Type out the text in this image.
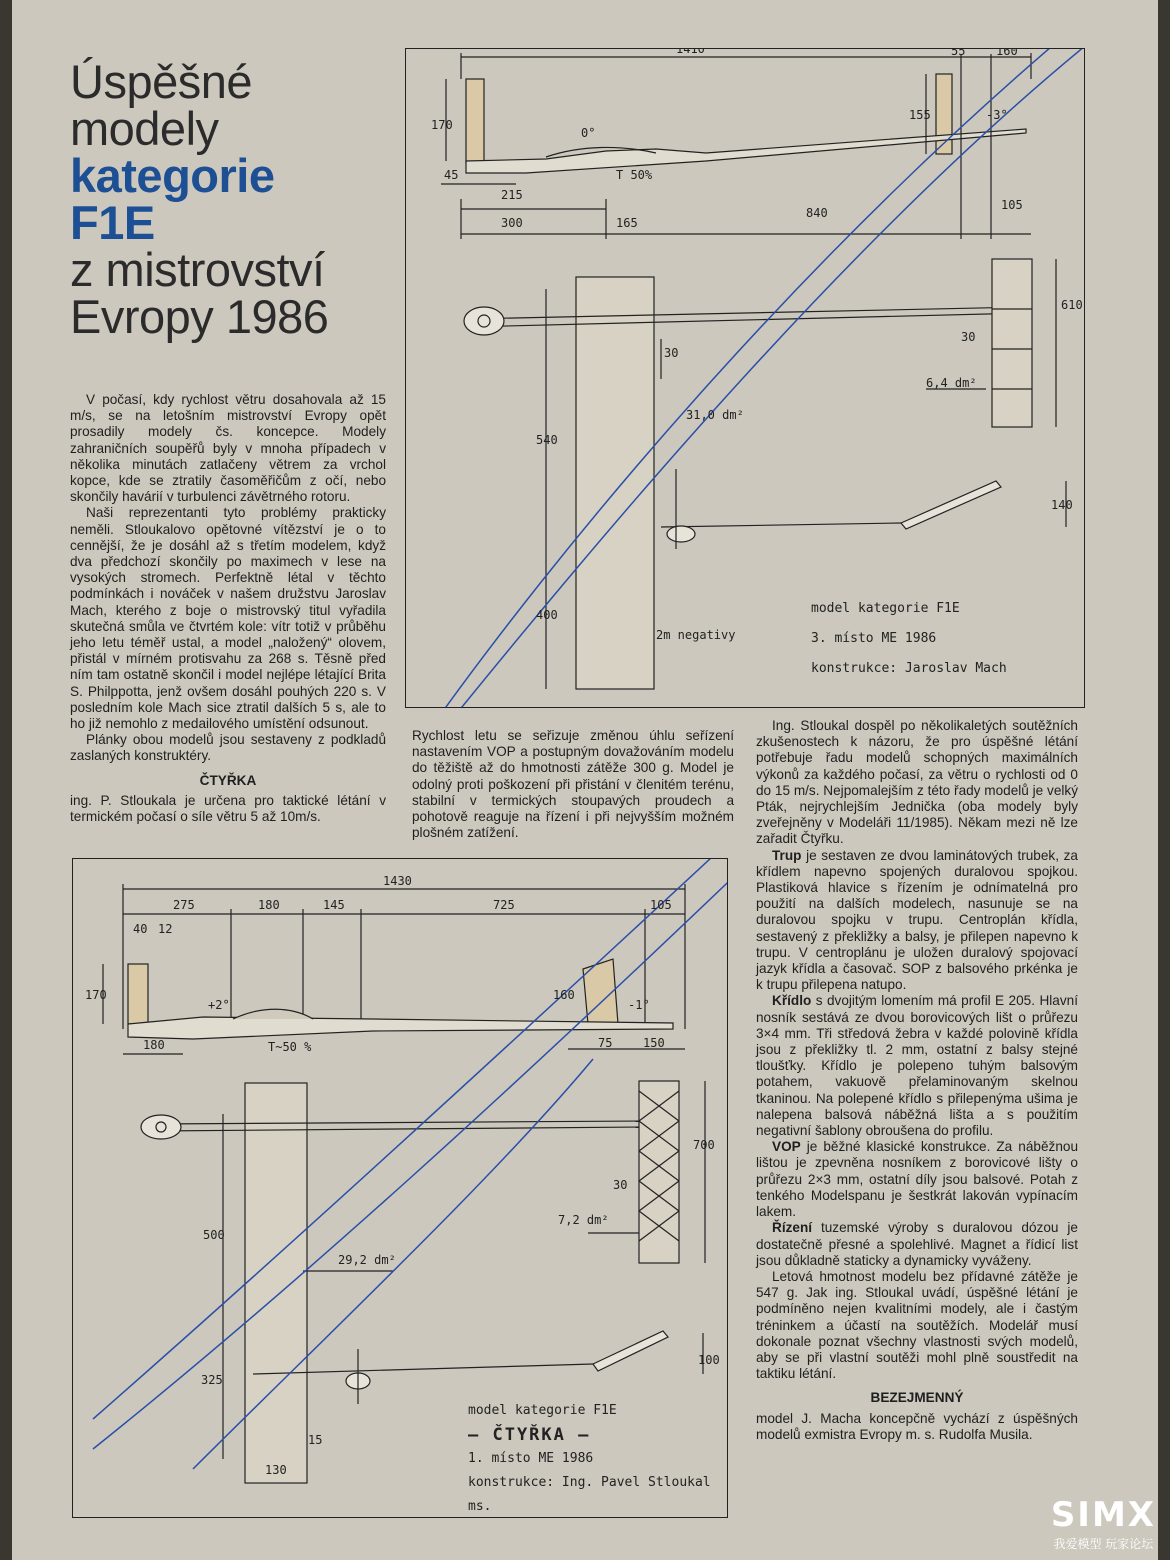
Úspěšné
modely
kategorie
F1E
z mistrovství
Evropy 1986

V počasí, kdy rychlost větru dosahovala až 15 m/s, se na letošním mistrovství Evropy opět prosadily modely čs. koncepce. Modely zahraničních soupěřů byly v mnoha případech v několika minutách zatlačeny větrem za vrchol kopce, kde se ztratily časoměřičům z očí, nebo skončily havárií v turbulenci závětrného rotoru.

Naši reprezentanti tyto problémy prakticky neměli. Stloukalovo opětovné vítězství je o to cennější, že je dosáhl až s třetím modelem, když dva předchozí skončily po maximech v lese na vysokých stromech. Perfektně létal v těchto podmínkách i nováček v našem družstvu Jaroslav Mach, kterého z boje o mistrovský titul vyřadila skutečná smůla ve čtvrtém kole: vítr totiž v průběhu jeho letu téměř ustal, a model „naložený“ olovem, přistál v mírném protisvahu za 268 s. Těsně před ním tam ostatně skončil i model nejlépe létající Brita S. Philppotta, jenž ovšem dosáhl pouhých 220 s. V posledním kole Mach sice ztratil dalších 5 s, ale to ho již nemohlo z medailového umístění odsunout.

Plánky obou modelů jsou sestaveny z podkladů zaslaných konstruktéry.

ČTYŘKA

ing. P. Stloukala je určena pro taktické létání v termickém počasí o síle větru 5 až 10m/s.

1410	55	160
170
155
0°
-3°
45	T 50%
215
300	165
840
105
610
30
6,4 dm²
30
540
31,0 dm²
140
400
2m negativy
model kategorie F1E
3. místo ME 1986
konstrukce: Jaroslav Mach

Rychlost letu se seřizuje změnou úhlu seřízení nastavením VOP a postupným dovažováním modelu do těžiště až do hmotnosti zátěže 300 g. Model je odolný proti poškození při přistání v členitém terénu, stabilní v termických stoupavých proudech a pohotově reaguje na řízení i při nejvyšším možném plošném zatížení.

Ing. Stloukal dospěl po několikaletých soutěžních zkušenostech k názoru, že pro úspěšné létání potřebuje řadu modelů schopných maximálních výkonů za každého počasí, za větru o rychlosti od 0 do 15 m/s. Nejpomalejším z této řady modelů je velký Pták, nejrychlejším Jednička (oba modely byly zveřejněny v Modeláři 11/1985). Někam mezi ně lze zařadit Čtyřku.

Trup je sestaven ze dvou laminátových trubek, za křídlem napevno spojených duralovou spojkou. Plastiková hlavice s řízením je odnímatelná pro použití na dalších modelech, nasunuje se na duralovou spojku v trupu. Centroplán křídla, sestavený z překližky a balsy, je přilepen napevno k trupu. V centroplánu je uložen duralový spojovací jazyk křídla a časovač. SOP z balsového prkénka je k trupu přilepena natupo.

Křídlo s dvojitým lomením má profil E 205. Hlavní nosník sestává ze dvou borovicových lišt o průřezu 3×4 mm. Tři středová žebra v každé polovině křídla jsou z překližky tl. 2 mm, ostatní z balsy stejné tloušťky. Křídlo je polepeno tuhým balsovým potahem, vakuově přelaminovaným skelnou tkaninou. Na polepené křídlo s přilepenýma ušima je nalepena balsová náběžná lišta a s použitím negativní šablony obroušena do profilu.

VOP je běžné klasické konstrukce. Za náběžnou lištou je zpevněna nosníkem z borovicové lišty o průřezu 2×3 mm, ostatní díly jsou balsové. Potah z tenkého Modelspanu je šestkrát lakován vypínacím lakem.

Řízení tuzemské výroby s duralovou dózou je dostatečně přesné a spolehlivé. Magnet a řídicí list jsou důkladně staticky a dynamicky vyváženy.

Letová hmotnost modelu bez přídavné zátěže je 547 g. Jak ing. Stloukal uvádí, úspěšné létání je podmíněno nejen kvalitními modely, ale i častým tréninkem a účastí na soutěžích. Modelář musí dokonale poznat všechny vlastnosti svých modelů, aby se při vlastní soutěži mohl plně soustředit na taktiku létání.

BEZEJMENNÝ

model J. Macha koncepčně vychází z úspěšných modelů exmistra Evropy m. s. Rudolfa Musila.

1430
275	180	145	725	105
40 12
170	160
+2°	-1°
180	T~50 %	75	150
700
30
7,2 dm²
500
29,2 dm²
325
100
15
130
model kategorie F1E
— ČTYŘKA —
1. místo ME 1986
konstrukce: Ing. Pavel Stloukal ms.	SIMX
我爱模型 玩家论坛
